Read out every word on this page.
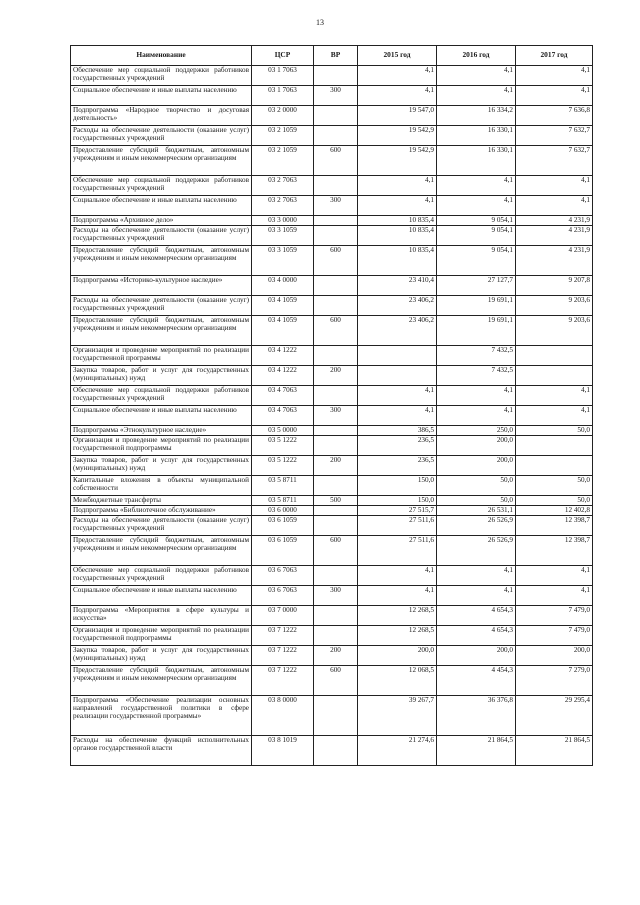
13
Наименование	ЦСР	ВР	2015 год	2016 год	2017 год
Обеспечение мер социальной поддержки работников государственных учреждений	03 1 7063		4,1	4,1	4,1
Социальное обеспечение и иные выплаты населению	03 1 7063	300	4,1	4,1	4,1
Подпрограмма «Народное творчество и досуговая деятельность»	03 2 0000		19 547,0	16 334,2	7 636,8
Расходы на обеспечение деятельности (оказание услуг) государственных учреждений	03 2 1059		19 542,9	16 330,1	7 632,7
Предоставление субсидий бюджетным, автономным учреждениям и иным некоммерческим организациям	03 2 1059	600	19 542,9	16 330,1	7 632,7
Обеспечение мер социальной поддержки работников государственных учреждений	03 2 7063		4,1	4,1	4,1
Социальное обеспечение и иные выплаты населению	03 2 7063	300	4,1	4,1	4,1
Подпрограмма «Архивное дело»	03 3 0000		10 835,4	9 054,1	4 231,9
Расходы на обеспечение деятельности (оказание услуг) государственных учреждений	03 3 1059		10 835,4	9 054,1	4 231,9
Предоставление субсидий бюджетным, автономным учреждениям и иным некоммерческим организациям	03 3 1059	600	10 835,4	9 054,1	4 231,9
Подпрограмма «Историко-культурное наследие»	03 4 0000		23 410,4	27 127,7	9 207,8
Расходы на обеспечение деятельности (оказание услуг) государственных учреждений	03 4 1059		23 406,2	19 691,1	9 203,6
Предоставление субсидий бюджетным, автономным учреждениям и иным некоммерческим организациям	03 4 1059	600	23 406,2	19 691,1	9 203,6
Организация и проведение мероприятий по реализации государственной программы	03 4 1222			7 432,5	
Закупка товаров, работ и услуг для государственных (муниципальных) нужд	03 4 1222	200		7 432,5	
Обеспечение мер социальной поддержки работников государственных учреждений	03 4 7063		4,1	4,1	4,1
Социальное обеспечение и иные выплаты населению	03 4 7063	300	4,1	4,1	4,1
Подпрограмма «Этнокультурное наследие»	03 5 0000		386,5	250,0	50,0
Организация и проведение мероприятий по реализации государственной подпрограммы	03 5 1222		236,5	200,0	
Закупка товаров, работ и услуг для государственных (муниципальных) нужд	03 5 1222	200	236,5	200,0	
Капитальные вложения в объекты муниципальной собственности	03 5 8711		150,0	50,0	50,0
Межбюджетные трансферты	03 5 8711	500	150,0	50,0	50,0
Подпрограмма «Библиотечное обслуживание»	03 6 0000		27 515,7	26 531,1	12 402,8
Расходы на обеспечение деятельности (оказание услуг) государственных учреждений	03 6 1059		27 511,6	26 526,9	12 398,7
Предоставление субсидий бюджетным, автономным учреждениям и иным некоммерческим организациям	03 6 1059	600	27 511,6	26 526,9	12 398,7
Обеспечение мер социальной поддержки работников государственных учреждений	03 6 7063		4,1	4,1	4,1
Социальное обеспечение и иные выплаты населению	03 6 7063	300	4,1	4,1	4,1
Подпрограмма «Мероприятия в сфере культуры и искусства»	03 7 0000		12 268,5	4 654,3	7 479,0
Организация и проведение мероприятий по реализации государственной подпрограммы	03 7 1222		12 268,5	4 654,3	7 479,0
Закупка товаров, работ и услуг для государственных (муниципальных) нужд	03 7 1222	200	200,0	200,0	200,0
Предоставление субсидий бюджетным, автономным учреждениям и иным некоммерческим организациям	03 7 1222	600	12 068,5	4 454,3	7 279,0
Подпрограмма «Обеспечение реализации основных направлений государственной политики в сфере реализации государственной программы»	03 8 0000		39 267,7	36 376,8	29 295,4
Расходы на обеспечение функций исполнительных органов государственной власти	03 8 1019		21 274,6	21 864,5	21 864,5
